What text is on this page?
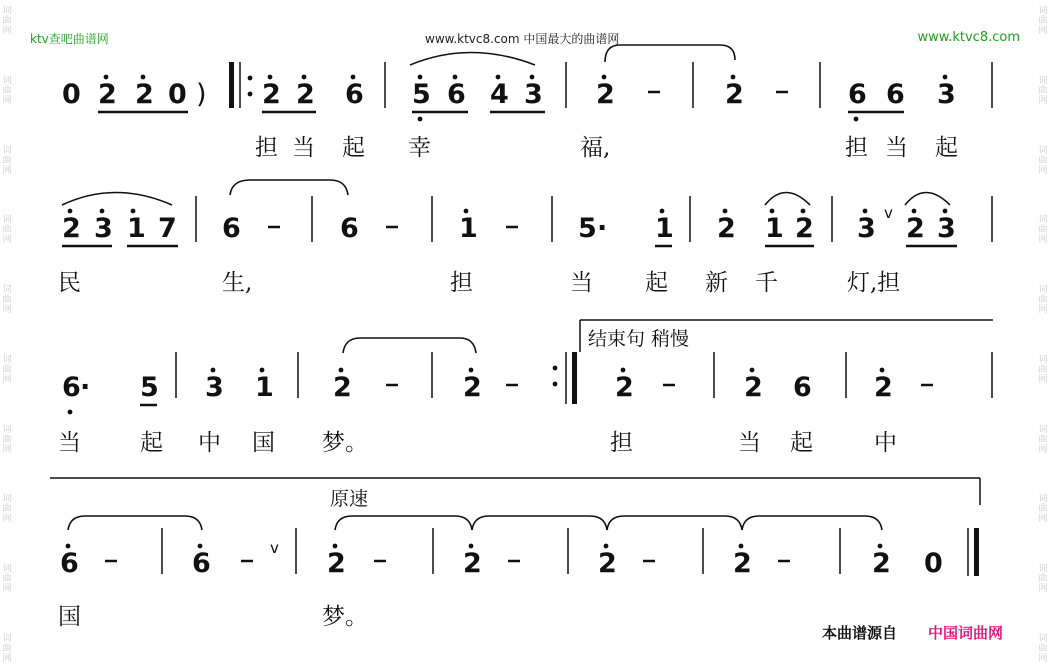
词
曲
网
词
曲
网
词
曲
网
词
曲
网
词
曲
网
词
曲
网
词
曲
网
词
曲
网
词
曲
网
词
曲
网
词
曲
网
词
曲
网
词
曲
网
词
曲
网
词
曲
网
词
曲
网
词
曲
网
词
曲
网
词
曲
网
词
曲
网
ktv查吧曲谱网	www.ktvc8.com 中国最大的曲谱网	www.ktvc8.com
0 2 2 0 ) 2 2 6 5 6 4 3 2	2	6 6 3
2 3 1 7 6	6	1	5 · 1 2 1 2 3 v 2 3
6 · 5 3 1 2	2	2	2 6 2
6	6	v 2	2	2	2	2 0
担 当 起 幸	福,	担 当 起
民	生,	担	当 起 新 千	灯,担
当	起 中 国 梦。	担	当 起	中
国	梦。
结束句 稍慢
原速
本曲谱源自 中国词曲网
